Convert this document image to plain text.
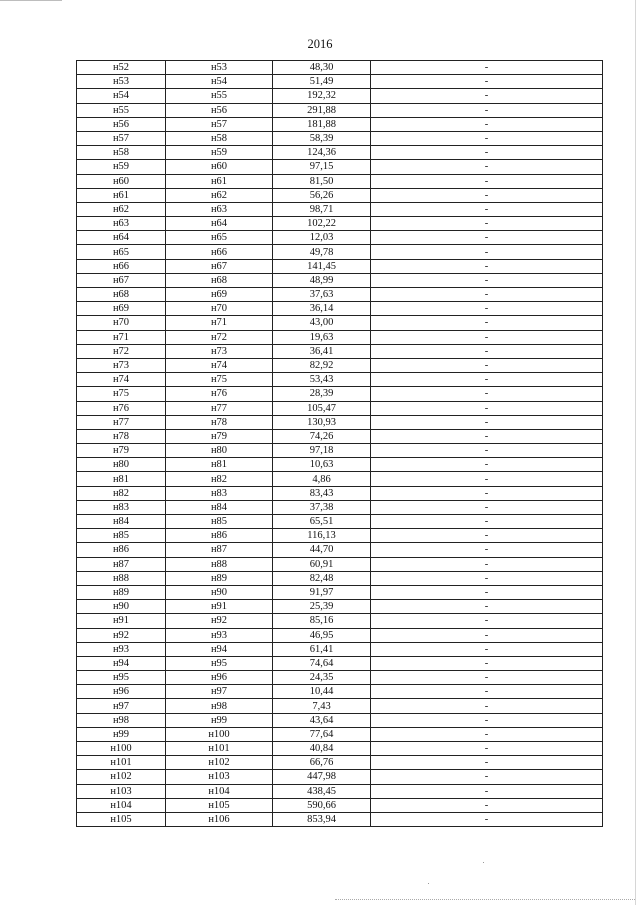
2016
н52	н53	48,30	-
н53	н54	51,49	-
н54	н55	192,32	-
н55	н56	291,88	-
н56	н57	181,88	-
н57	н58	58,39	-
н58	н59	124,36	-
н59	н60	97,15	-
н60	н61	81,50	-
н61	н62	56,26	-
н62	н63	98,71	-
н63	н64	102,22	-
н64	н65	12,03	-
н65	н66	49,78	-
н66	н67	141,45	-
н67	н68	48,99	-
н68	н69	37,63	-
н69	н70	36,14	-
н70	н71	43,00	-
н71	н72	19,63	-
н72	н73	36,41	-
н73	н74	82,92	-
н74	н75	53,43	-
н75	н76	28,39	-
н76	н77	105,47	-
н77	н78	130,93	-
н78	н79	74,26	-
н79	н80	97,18	-
н80	н81	10,63	-
н81	н82	4,86	-
н82	н83	83,43	-
н83	н84	37,38	-
н84	н85	65,51	-
н85	н86	116,13	-
н86	н87	44,70	-
н87	н88	60,91	-
н88	н89	82,48	-
н89	н90	91,97	-
н90	н91	25,39	-
н91	н92	85,16	-
н92	н93	46,95	-
н93	н94	61,41	-
н94	н95	74,64	-
н95	н96	24,35	-
н96	н97	10,44	-
н97	н98	7,43	-
н98	н99	43,64	-
н99	н100	77,64	-
н100	н101	40,84	-
н101	н102	66,76	-
н102	н103	447,98	-
н103	н104	438,45	-
н104	н105	590,66	-
н105	н106	853,94	-
